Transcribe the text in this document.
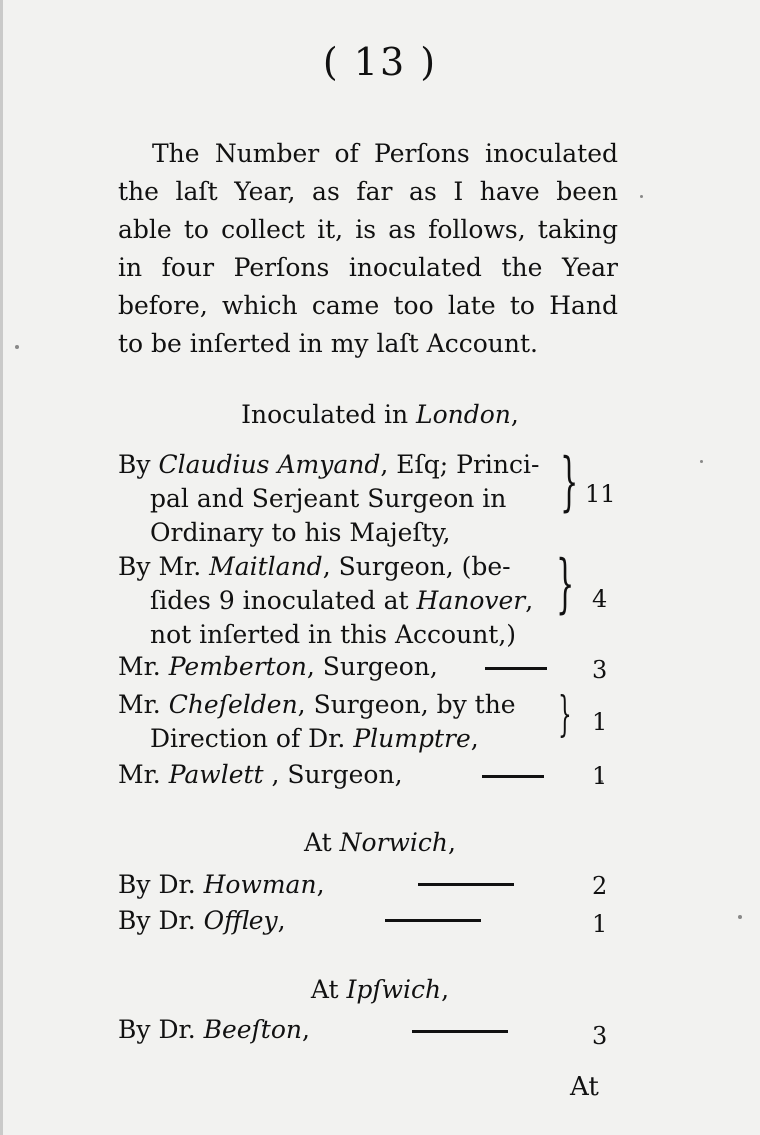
( 13 )
The Number of Perſons inoculated
the laſt Year, as far as I have been
able to collect it, is as follows, taking
in four Perſons inoculated the Year
before, which came too late to Hand
to be inſerted in my laſt Account.
Inoculated in London,
By Claudius Amyand, Eſq; Princi-
pal and Serjeant Surgeon in
Ordinary to his Majeſty,
} 11
By Mr. Maitland, Surgeon, (be-
ſides 9 inoculated at Hanover,
not inſerted in this Account,)
} 4
Mr. Pemberton, Surgeon,	3
Mr. Cheſelden, Surgeon, by the
Direction of Dr. Plumptre,	} 1
Mr. Pawlett , Surgeon,	1
At Norwich,
By Dr. Howman,	2
By Dr. Offley,	1
At Ipſwich,
By Dr. Beeſton,	3
At
